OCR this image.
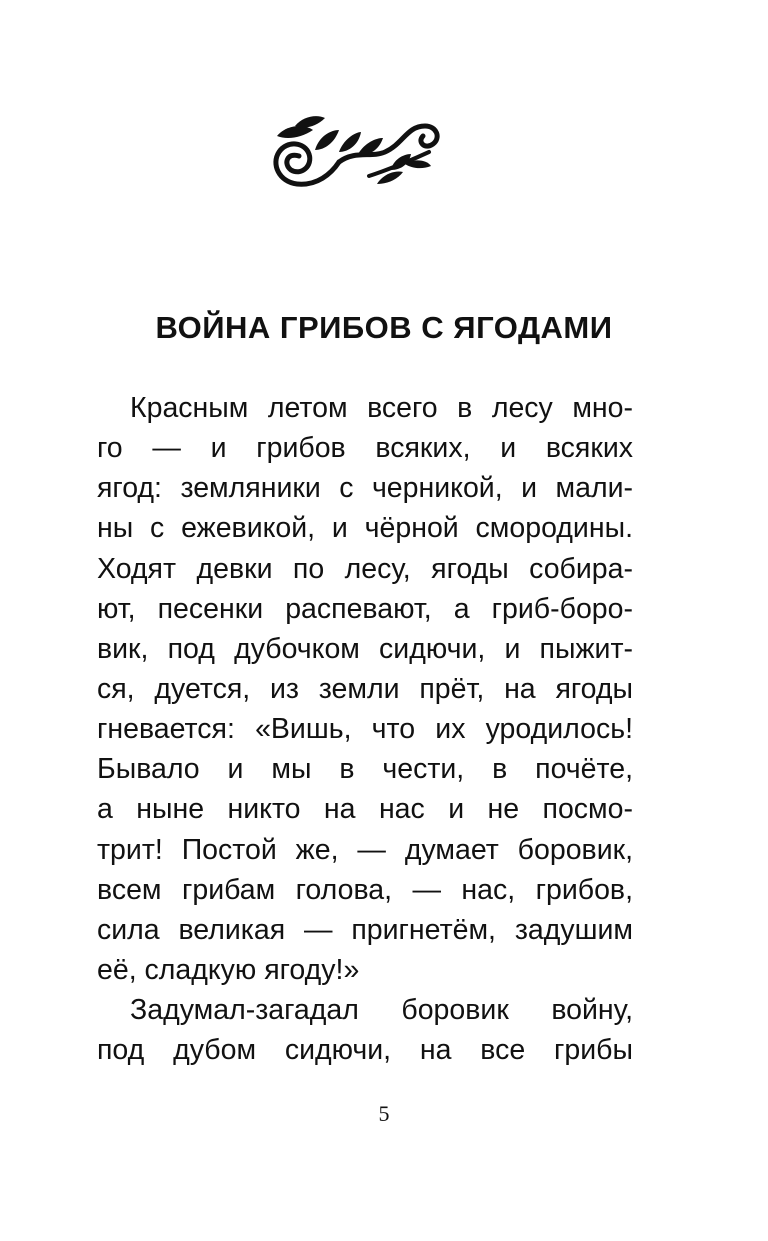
ВОЙНА ГРИБОВ С ЯГОДАМИ
Красным летом всего в лесу мно-
го — и грибов всяких, и всяких
ягод: земляники с черникой, и мали-
ны с ежевикой, и чёрной смородины.
Ходят девки по лесу, ягоды собира-
ют, песенки распевают, а гриб-боро-
вик, под дубочком сидючи, и пыжит-
ся, дуется, из земли прёт, на ягоды
гневается: «Вишь, что их уродилось!
Бывало и мы в чести, в почёте,
а ныне никто на нас и не посмо-
трит! Постой же, — думает боровик,
всем грибам голова, — нас, грибов,
сила великая — пригнетём, задушим
её, сладкую ягоду!»
Задумал-загадал боровик войну,
под дубом сидючи, на все грибы
5
